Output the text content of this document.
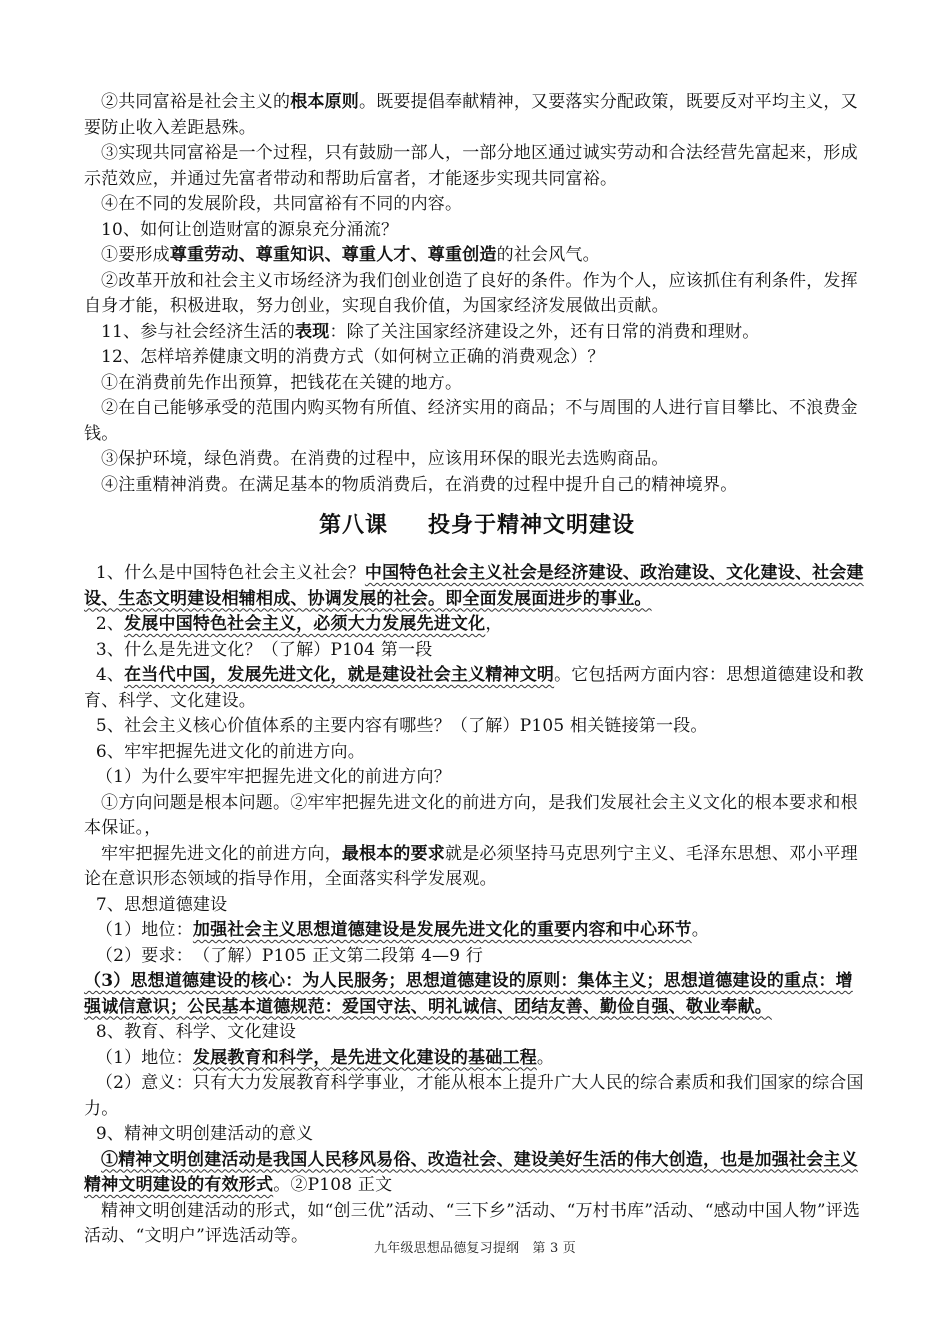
②共同富裕是社会主义的根本原则。既要提倡奉献精神，又要落实分配政策，既要反对平均主义，又要防止收入差距悬殊。

③实现共同富裕是一个过程，只有鼓励一部人，一部分地区通过诚实劳动和合法经营先富起来，形成示范效应，并通过先富者带动和帮助后富者，才能逐步实现共同富裕。

④在不同的发展阶段，共同富裕有不同的内容。

10、如何让创造财富的源泉充分涌流？

①要形成尊重劳动、尊重知识、尊重人才、尊重创造的社会风气。

②改革开放和社会主义市场经济为我们创业创造了良好的条件。作为个人，应该抓住有利条件，发挥自身才能，积极进取，努力创业，实现自我价值，为国家经济发展做出贡献。

11、参与社会经济生活的表现：除了关注国家经济建设之外，还有日常的消费和理财。

12、怎样培养健康文明的消费方式（如何树立正确的消费观念）？

①在消费前先作出预算，把钱花在关键的地方。

②在自己能够承受的范围内购买物有所值、经济实用的商品；不与周围的人进行盲目攀比、不浪费金钱。

③保护环境，绿色消费。在消费的过程中，应该用环保的眼光去选购商品。

④注重精神消费。在满足基本的物质消费后，在消费的过程中提升自己的精神境界。

第八课 投身于精神文明建设

1、什么是中国特色社会主义社会？中国特色社会主义社会是经济建设、政治建设、文化建设、社会建设、生态文明建设相辅相成、协调发展的社会。即全面发展面进步的事业。

2、发展中国特色社会主义，必须大力发展先进文化，

3、什么是先进文化？（了解）P104 第一段

4、在当代中国，发展先进文化，就是建设社会主义精神文明。它包括两方面内容：思想道德建设和教育、科学、文化建设。

5、社会主义核心价值体系的主要内容有哪些？（了解）P105 相关链接第一段。

6、牢牢把握先进文化的前进方向。

（1）为什么要牢牢把握先进文化的前进方向？

①方向问题是根本问题。②牢牢把握先进文化的前进方向，是我们发展社会主义文化的根本要求和根本保证。，

牢牢把握先进文化的前进方向，最根本的要求就是必须坚持马克思列宁主义、毛泽东思想、邓小平理论在意识形态领域的指导作用，全面落实科学发展观。

7、思想道德建设

（1）地位：加强社会主义思想道德建设是发展先进文化的重要内容和中心环节。

（2）要求：　（了解）P105 正文第二段第 4—9 行

（3）思想道德建设的核心：为人民服务；思想道德建设的原则：集体主义；思想道德建设的重点：增强诚信意识；公民基本道德规范：爱国守法、明礼诚信、团结友善、勤俭自强、敬业奉献。

8、教育、科学、文化建设

（1）地位：发展教育和科学，是先进文化建设的基础工程。

（2）意义：只有大力发展教育科学事业，才能从根本上提升广大人民的综合素质和我们国家的综合国力。

9、精神文明创建活动的意义

①精神文明创建活动是我国人民移风易俗、改造社会、建设美好生活的伟大创造，也是加强社会主义精神文明建设的有效形式。②P108 正文

精神文明创建活动的形式，如“创三优”活动、“三下乡”活动、“万村书库”活动、“感动中国人物”评选活动、“文明户”评选活动等。

九年级思想品德复习提纲　第 3 页
